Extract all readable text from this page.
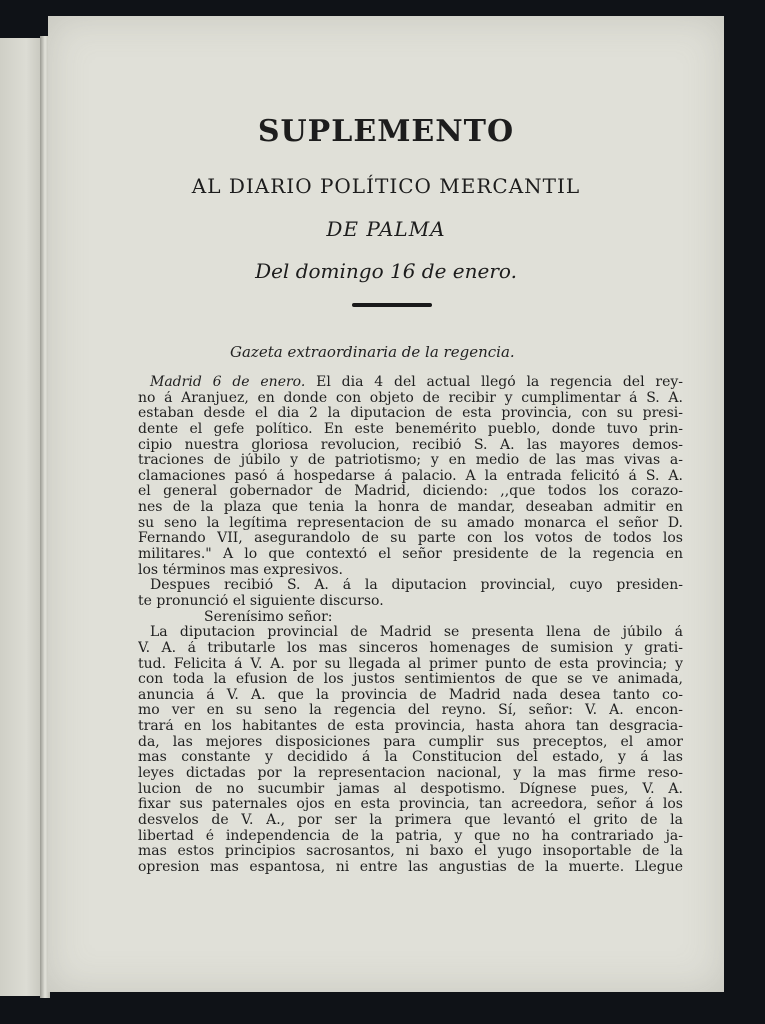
SUPLEMENTO
AL DIARIO POLÍTICO MERCANTIL
DE PALMA
Del domingo 16 de enero.
Gazeta extraordinaria de la regencia.
Madrid 6 de enero. El dia 4 del actual llegó la regencia del rey-
no á Aranjuez, en donde con objeto de recibir y cumplimentar á S. A.
estaban desde el dia 2 la diputacion de esta provincia, con su presi-
dente el gefe político. En este benemérito pueblo, donde tuvo prin-
cipio nuestra gloriosa revolucion, recibió S. A. las mayores demos-
traciones de júbilo y de patriotismo; y en medio de las mas vivas a-
clamaciones pasó á hospedarse á palacio. A la entrada felicitó á S. A.
el general gobernador de Madrid, diciendo: ,,que todos los corazo-
nes de la plaza que tenia la honra de mandar, deseaban admitir en
su seno la legítima representacion de su amado monarca el señor D.
Fernando VII, asegurandolo de su parte con los votos de todos los
militares." A lo que contextó el señor presidente de la regencia en
los términos mas expresivos.
Despues recibió S. A. á la diputacion provincial, cuyo presiden-
te pronunció el siguiente discurso.
Serenísimo señor:
La diputacion provincial de Madrid se presenta llena de júbilo á
V. A. á tributarle los mas sinceros homenages de sumision y grati-
tud. Felicita á V. A. por su llegada al primer punto de esta provincia; y
con toda la efusion de los justos sentimientos de que se ve animada,
anuncia á V. A. que la provincia de Madrid nada desea tanto co-
mo ver en su seno la regencia del reyno. Sí, señor: V. A. encon-
trará en los habitantes de esta provincia, hasta ahora tan desgracia-
da, las mejores disposiciones para cumplir sus preceptos, el amor
mas constante y decidido á la Constitucion del estado, y á las
leyes dictadas por la representacion nacional, y la mas firme reso-
lucion de no sucumbir jamas al despotismo. Dígnese pues, V. A.
fixar sus paternales ojos en esta provincia, tan acreedora, señor á los
desvelos de V. A., por ser la primera que levantó el grito de la
libertad é independencia de la patria, y que no ha contrariado ja-
mas estos principios sacrosantos, ni baxo el yugo insoportable de la
opresion mas espantosa, ni entre las angustias de la muerte. Llegue
